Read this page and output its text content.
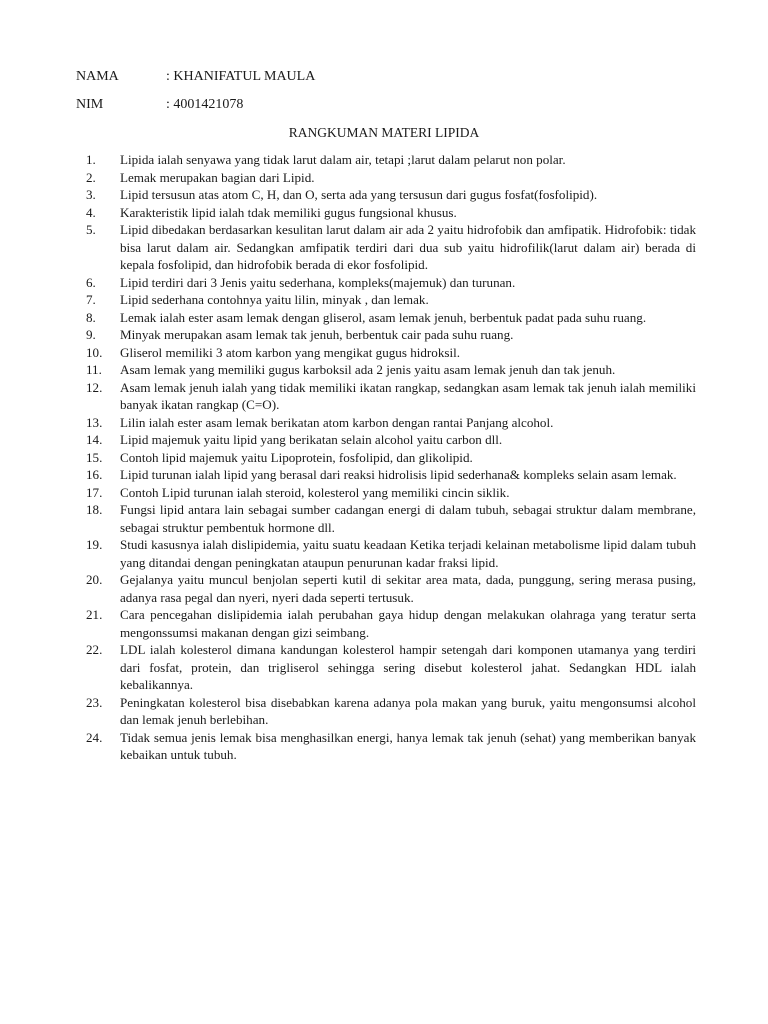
NAMA	: KHANIFATUL MAULA
NIM	: 4001421078
RANGKUMAN MATERI LIPIDA
1.	Lipida ialah senyawa yang tidak larut dalam air, tetapi ;larut dalam pelarut non polar.
2.	Lemak merupakan bagian dari Lipid.
3.	Lipid tersusun atas atom C, H, dan O, serta ada yang tersusun dari gugus fosfat(fosfolipid).
4.	Karakteristik lipid ialah tdak memiliki gugus fungsional khusus.
5.	Lipid dibedakan berdasarkan kesulitan larut dalam air ada 2 yaitu hidrofobik dan amfipatik. Hidrofobik: tidak bisa larut dalam air. Sedangkan amfipatik terdiri dari dua sub yaitu hidrofilik(larut dalam air) berada di kepala fosfolipid, dan hidrofobik berada di ekor fosfolipid.
6.	Lipid terdiri dari 3 Jenis yaitu sederhana, kompleks(majemuk) dan turunan.
7.	Lipid sederhana contohnya yaitu lilin, minyak , dan lemak.
8.	Lemak ialah ester asam lemak dengan gliserol, asam lemak jenuh, berbentuk padat pada suhu ruang.
9.	Minyak merupakan asam lemak tak jenuh, berbentuk cair pada suhu ruang.
10.	Gliserol memiliki 3 atom karbon yang mengikat gugus hidroksil.
11.	Asam lemak yang memiliki gugus karboksil ada 2 jenis yaitu asam lemak jenuh dan tak jenuh.
12.	Asam lemak jenuh ialah yang tidak memiliki ikatan rangkap, sedangkan asam lemak tak jenuh ialah memiliki banyak ikatan rangkap (C=O).
13.	Lilin ialah ester asam lemak berikatan atom karbon dengan rantai Panjang alcohol.
14.	Lipid majemuk yaitu lipid yang berikatan selain alcohol yaitu carbon dll.
15.	Contoh lipid majemuk yaitu Lipoprotein, fosfolipid, dan glikolipid.
16.	Lipid turunan ialah lipid yang berasal dari reaksi hidrolisis lipid sederhana& kompleks selain asam lemak.
17.	Contoh Lipid turunan ialah steroid, kolesterol yang memiliki cincin siklik.
18.	Fungsi lipid antara lain sebagai sumber cadangan energi di dalam tubuh, sebagai struktur dalam membrane, sebagai struktur pembentuk hormone dll.
19.	Studi kasusnya ialah dislipidemia, yaitu suatu keadaan Ketika terjadi kelainan metabolisme lipid dalam tubuh yang ditandai dengan peningkatan ataupun penurunan kadar fraksi lipid.
20.	Gejalanya yaitu muncul benjolan seperti kutil di sekitar area mata, dada, punggung, sering merasa pusing, adanya rasa pegal dan nyeri, nyeri dada seperti tertusuk.
21.	Cara pencegahan dislipidemia ialah perubahan gaya hidup dengan melakukan olahraga yang teratur serta mengonssumsi makanan dengan gizi seimbang.
22.	LDL ialah kolesterol dimana kandungan kolesterol hampir setengah dari komponen utamanya yang terdiri dari fosfat, protein, dan trigliserol sehingga sering disebut kolesterol jahat. Sedangkan HDL ialah kebalikannya.
23.	Peningkatan kolesterol bisa disebabkan karena adanya pola makan yang buruk, yaitu mengonsumsi alcohol dan lemak jenuh berlebihan.
24.	Tidak semua jenis lemak bisa menghasilkan energi, hanya lemak tak jenuh (sehat) yang memberikan banyak kebaikan untuk tubuh.
